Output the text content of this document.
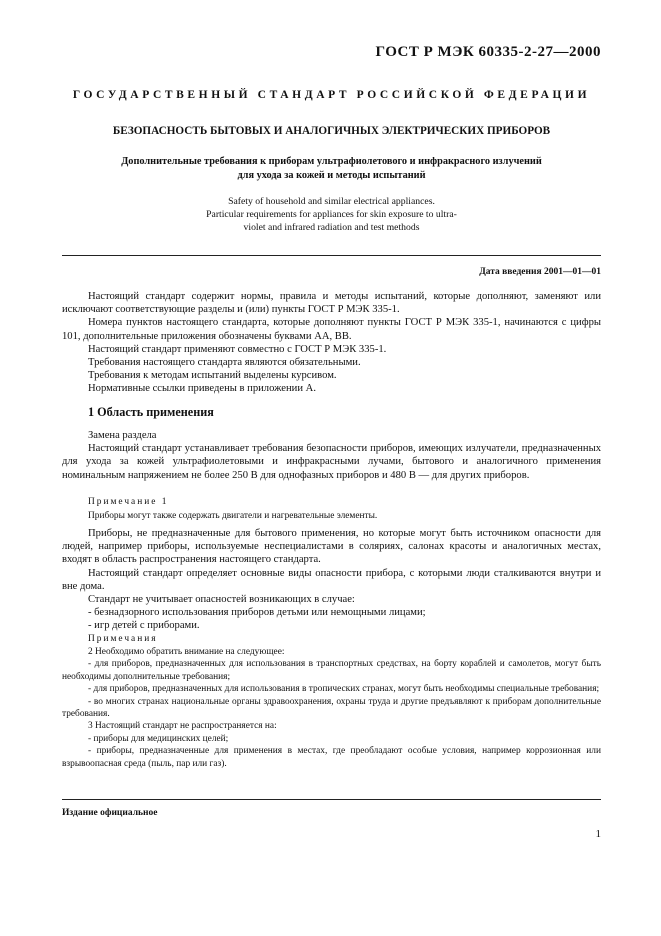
ГОСТ Р МЭК 60335-2-27—2000
ГОСУДАРСТВЕННЫЙ СТАНДАРТ РОССИЙСКОЙ ФЕДЕРАЦИИ
БЕЗОПАСНОСТЬ БЫТОВЫХ И АНАЛОГИЧНЫХ ЭЛЕКТРИЧЕСКИХ ПРИБОРОВ
Дополнительные требования к приборам ультрафиолетового и инфракрасного излучений
для ухода за кожей и методы испытаний
Safety of household and similar electrical appliances.
Particular requirements for appliances for skin exposure to ultra-
violet and infrared radiation and test methods
Дата введения 2001—01—01

Настоящий стандарт содержит нормы, правила и методы испытаний, которые дополняют, заменяют или исключают соответствующие разделы и (или) пункты ГОСТ Р МЭК 335-1.

Номера пунктов настоящего стандарта, которые дополняют пункты ГОСТ Р МЭК 335-1, начинаются с цифры 101, дополнительные приложения обозначены буквами АА, ВВ.

Настоящий стандарт применяют совместно с ГОСТ Р МЭК 335-1.

Требования настоящего стандарта являются обязательными.

Требования к методам испытаний выделены курсивом.

Нормативные ссылки приведены в приложении А.

1 Область применения

Замена раздела

Настоящий стандарт устанавливает требования безопасности приборов, имеющих излучатели, предназначенных для ухода за кожей ультрафиолетовыми и инфракрасными лучами, бытового и аналогичного применения номинальным напряжением не более 250 В для однофазных приборов и 480 В — для других приборов.

Примечание 1

Приборы могут также содержать двигатели и нагревательные элементы.

Приборы, не предназначенные для бытового применения, но которые могут быть источником опасности для людей, например приборы, используемые неспециалистами в соляриях, салонах красоты и аналогичных местах, входят в область распространения настоящего стандарта.

Настоящий стандарт определяет основные виды опасности прибора, с которыми люди сталкиваются внутри и вне дома.

Стандарт не учитывает опасностей возникающих в случае:

- безнадзорного использования приборов детьми или немощными лицами;

- игр детей с приборами.

Примечания

2 Необходимо обратить внимание на следующее:

- для приборов, предназначенных для использования в транспортных средствах, на борту кораблей и самолетов, могут быть необходимы дополнительные требования;

- для приборов, предназначенных для использования в тропических странах, могут быть необходимы специальные требования;

- во многих странах национальные органы здравоохранения, охраны труда и другие предъявляют к приборам дополнительные требования.

3 Настоящий стандарт не распространяется на:

- приборы для медицинских целей;

- приборы, предназначенные для применения в местах, где преобладают особые условия, например коррозионная или взрывоопасная среда (пыль, пар или газ).

Издание официальное
1
